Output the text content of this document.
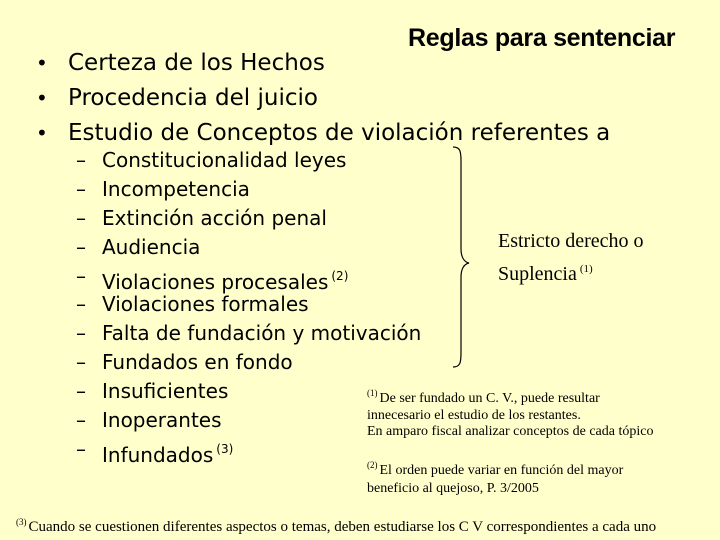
Reglas para sentenciar
• Certeza de los Hechos
• Procedencia del juicio
• Estudio de Conceptos de violación referentes a
– Constitucionalidad leyes
– Incompetencia
– Extinción acción penal
– Audiencia
– Violaciones procesales $^{(2)}$
– Violaciones formales
– Falta de fundación y motivación
– Fundados en fondo
– Insuficientes
– Inoperantes
– Infundados $^{(3)}$
Estricto derecho o
Suplencia $^{(1)}$
$^{(1)}$ De ser fundado un C. V., puede resultar
innecesario el estudio de los restantes.
En amparo fiscal analizar conceptos de cada tópico
$^{(2)}$ El orden puede variar en función del mayor
beneficio al quejoso, P. 3/2005
$^{(3)}$ Cuando se cuestionen diferentes aspectos o temas, deben estudiarse los C V correspondientes a cada uno
